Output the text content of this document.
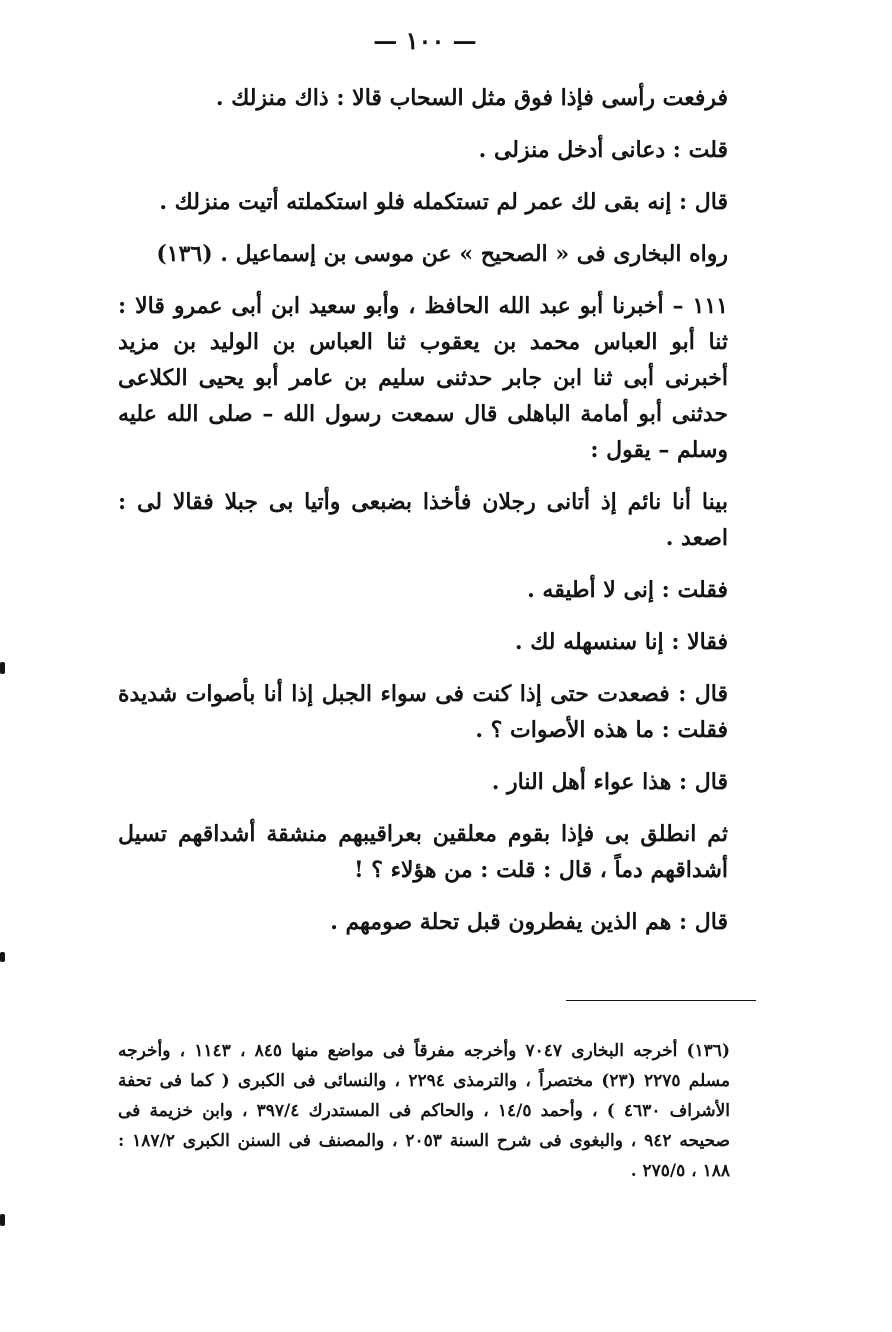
— ١٠٠ —

فرفعت رأسى فإذا فوق مثل السحاب قالا : ذاك منزلك .

قلت : دعانى أدخل منزلى .

قال : إنه بقى لك عمر لم تستكمله فلو استكملته أتيت منزلك .

رواه البخارى فى « الصحيح » عن موسى بن إسماعيل . (١٣٦)

١١١ – أخبرنا أبو عبد الله الحافظ ، وأبو سعيد ابن أبى عمرو قالا : ثنا أبو العباس محمد بن يعقوب ثنا العباس بن الوليد بن مزيد أخبرنى أبى ثنا ابن جابر حدثنى سليم بن عامر أبو يحيى الكلاعى حدثنى أبو أمامة الباهلى قال سمعت رسول الله – صلى الله عليه وسلم – يقول :

بينا أنا نائم إذ أتانى رجلان فأخذا بضبعى وأتيا بى جبلا فقالا لى : اصعد .

فقلت : إنى لا أطيقه .

فقالا : إنا سنسهله لك .

قال : فصعدت حتى إذا كنت فى سواء الجبل إذا أنا بأصوات شديدة فقلت : ما هذه الأصوات ؟ .

قال : هذا عواء أهل النار .

ثم انطلق بى فإذا بقوم معلقين بعراقيبهم منشقة أشداقهم تسيل أشداقهم دماً ، قال : قلت : من هؤلاء ؟ !

قال : هم الذين يفطرون قبل تحلة صومهم .

(١٣٦) أخرجه البخارى ٧٠٤٧ وأخرجه مفرقاً فى مواضع منها ٨٤٥ ، ١١٤٣ ، وأخرجه مسلم ٢٢٧٥ (٢٣) مختصراً ، والترمذى ٢٢٩٤ ، والنسائى فى الكبرى ( كما فى تحفة الأشراف ٤٦٣٠ ) ، وأحمد ١٤/٥ ، والحاكم فى المستدرك ٣٩٧/٤ ، وابن خزيمة فى صحيحه ٩٤٢ ، والبغوى فى شرح السنة ٢٠٥٣ ، والمصنف فى السنن الكبرى ١٨٧/٢ : ١٨٨ ، ٢٧٥/٥ .
